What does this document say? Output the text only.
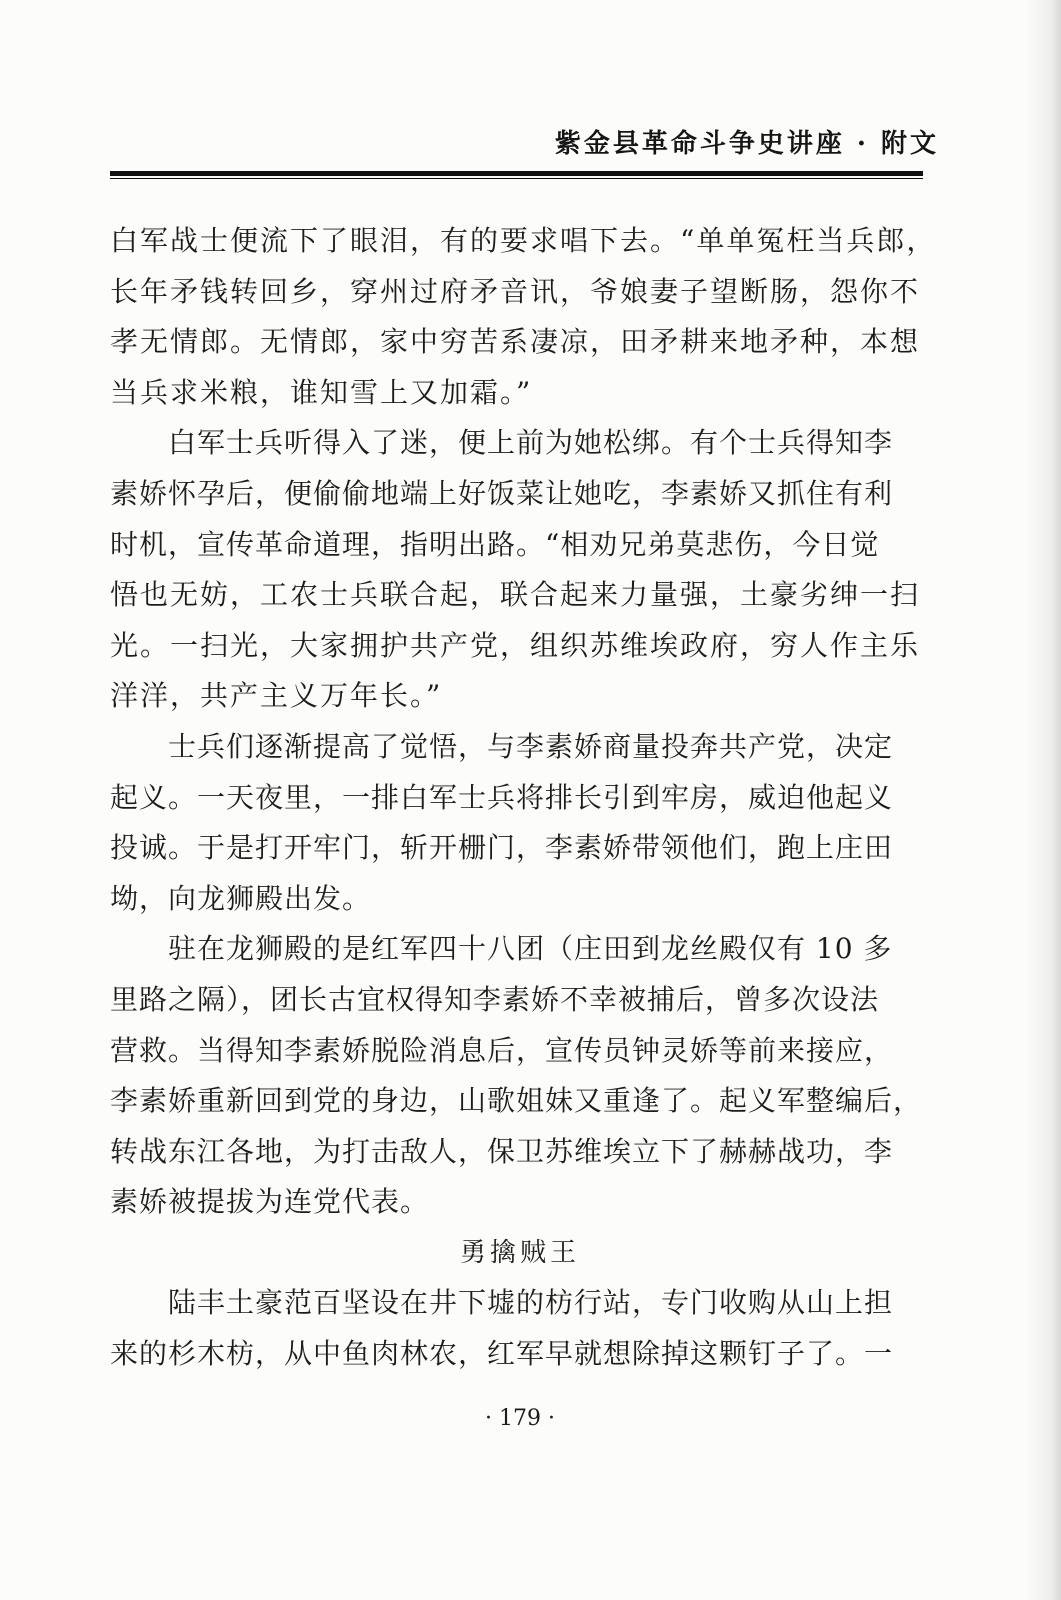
紫金县革命斗争史讲座 · 附文
白军战士便流下了眼泪，有的要求唱下去。“单单冤枉当兵郎，
长年矛钱转回乡，穿州过府矛音讯，爷娘妻子望断肠，怨你不
孝无情郎。无情郎，家中穷苦系凄凉，田矛耕来地矛种，本想
当兵求米粮，谁知雪上又加霜。”
　　白军士兵听得入了迷，便上前为她松绑。有个士兵得知李
素娇怀孕后，便偷偷地端上好饭菜让她吃，李素娇又抓住有利
时机，宣传革命道理，指明出路。“相劝兄弟莫悲伤，今日觉
悟也无妨，工农士兵联合起，联合起来力量强，土豪劣绅一扫
光。一扫光，大家拥护共产党，组织苏维埃政府，穷人作主乐
洋洋，共产主义万年长。”
　　士兵们逐渐提高了觉悟，与李素娇商量投奔共产党，决定
起义。一天夜里，一排白军士兵将排长引到牢房，威迫他起义
投诚。于是打开牢门，斩开栅门，李素娇带领他们，跑上庄田
坳，向龙狮殿出发。
　　驻在龙狮殿的是红军四十八团（庄田到龙丝殿仅有 10 多
里路之隔），团长古宜权得知李素娇不幸被捕后，曾多次设法
营救。当得知李素娇脱险消息后，宣传员钟灵娇等前来接应，
李素娇重新回到党的身边，山歌姐妹又重逢了。起义军整编后，
转战东江各地，为打击敌人，保卫苏维埃立下了赫赫战功，李
素娇被提拔为连党代表。
勇擒贼王
　　陆丰土豪范百坚设在井下墟的枋行站，专门收购从山上担
来的杉木枋，从中鱼肉林农，红军早就想除掉这颗钉子了。一
· 179 ·
